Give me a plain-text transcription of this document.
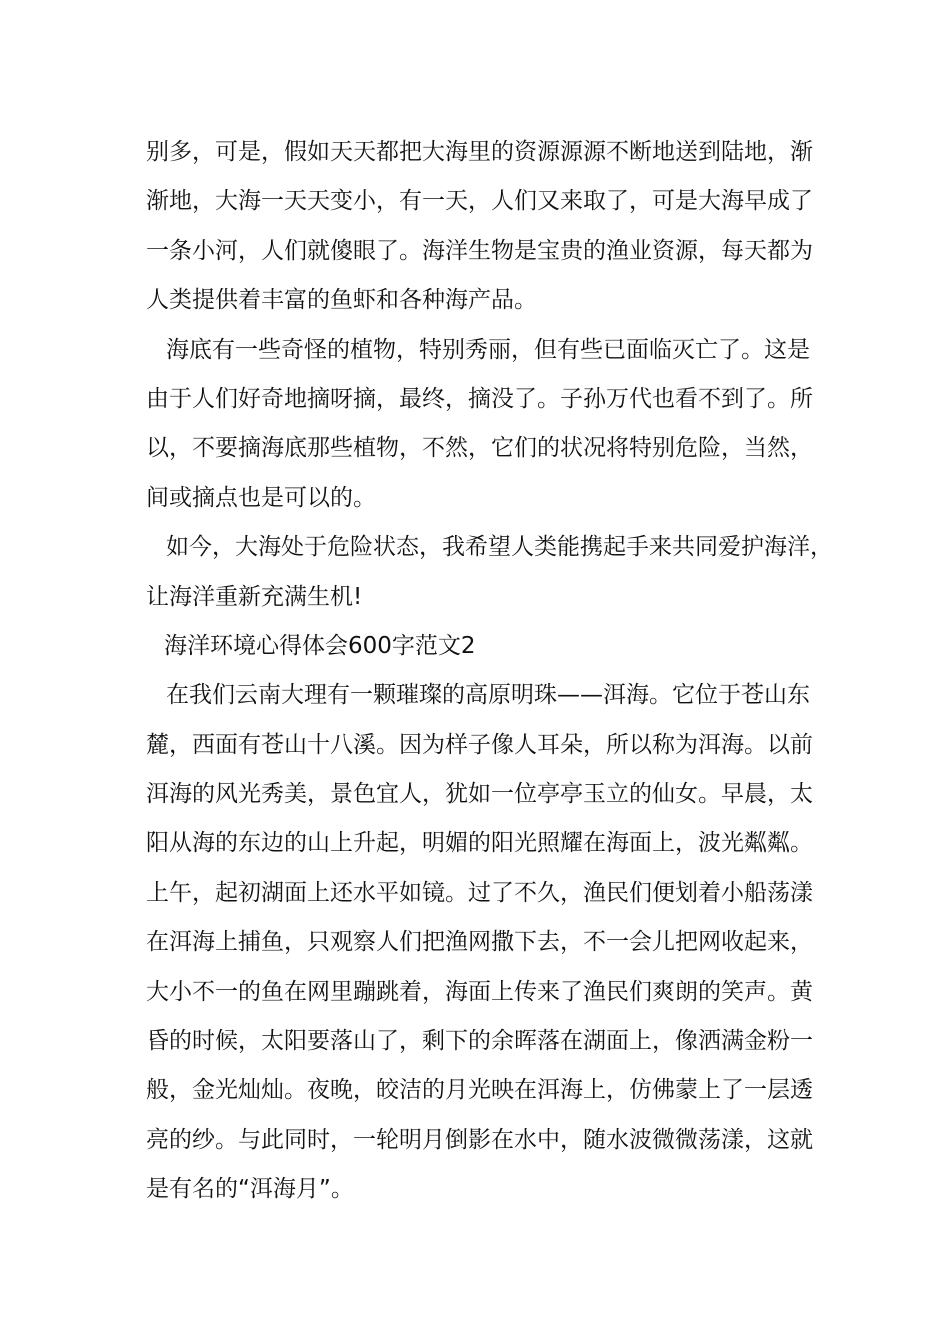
别多，可是，假如天天都把大海里的资源源源不断地送到陆地，渐
渐地，大海一天天变小，有一天，人们又来取了，可是大海早成了
一条小河，人们就傻眼了。海洋生物是宝贵的渔业资源，每天都为
人类提供着丰富的鱼虾和各种海产品。
海底有一些奇怪的植物，特别秀丽，但有些已面临灭亡了。这是
由于人们好奇地摘呀摘，最终，摘没了。子孙万代也看不到了。所
以，不要摘海底那些植物，不然，它们的状况将特别危险，当然，
间或摘点也是可以的。
如今，大海处于危险状态，我希望人类能携起手来共同爱护海洋，
让海洋重新充满生机!
海洋环境心得体会600字范文2
在我们云南大理有一颗璀璨的高原明珠——洱海。它位于苍山东
麓，西面有苍山十八溪。因为样子像人耳朵，所以称为洱海。以前
洱海的风光秀美，景色宜人，犹如一位亭亭玉立的仙女。早晨，太
阳从海的东边的山上升起，明媚的阳光照耀在海面上，波光粼粼。
上午，起初湖面上还水平如镜。过了不久，渔民们便划着小船荡漾
在洱海上捕鱼，只观察人们把渔网撒下去，不一会儿把网收起来，
大小不一的鱼在网里蹦跳着，海面上传来了渔民们爽朗的笑声。黄
昏的时候，太阳要落山了，剩下的余晖落在湖面上，像洒满金粉一
般，金光灿灿。夜晚，皎洁的月光映在洱海上，仿佛蒙上了一层透
亮的纱。与此同时，一轮明月倒影在水中，随水波微微荡漾，这就
是有名的“洱海月”。
